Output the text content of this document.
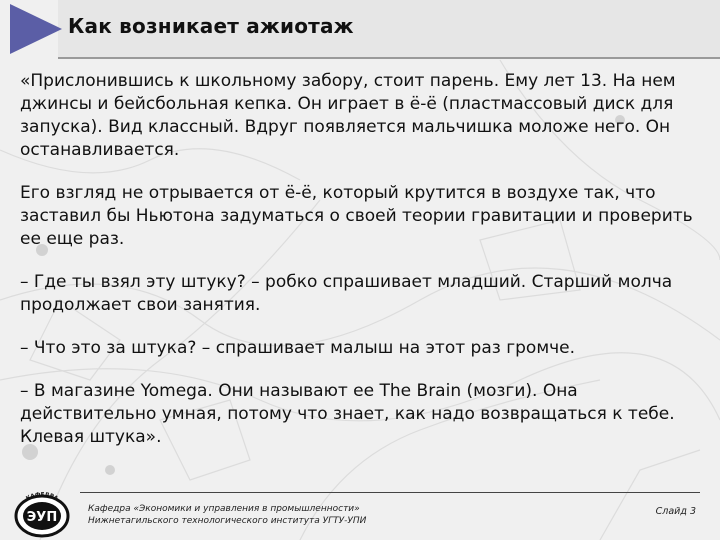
Как возникает ажиотаж

«Прислонившись к школьному забору, стоит парень. Ему лет 13. На нем джинсы и бейсбольная кепка. Он играет в ё-ё (пластмассовый диск для запуска). Вид классный. Вдруг появляется мальчишка моложе него. Он останавливается.

Его взгляд не отрывается от ё-ё, который крутится в воздухе так, что заставил бы Ньютона задуматься о своей теории гравитации и проверить ее еще раз.

– Где ты взял эту штуку? – робко спрашивает младший. Старший молча продолжает свои занятия.

– Что это за штука? – спрашивает малыш на этот раз громче.

– В магазине Yomega. Они называют ее The Brain (мозги). Она действительно умная, потому что знает, как надо возвращаться к тебе. Клевая штука».

КАФЕДРА
ЭУП
Кафедра «Экономики и управления в промышленности»
Нижнетагильского технологического института УГТУ-УПИ
Слайд 3
